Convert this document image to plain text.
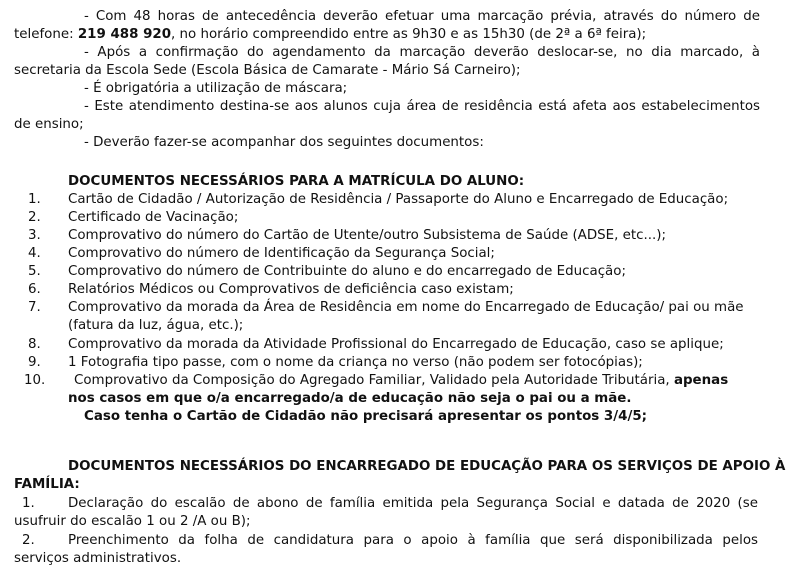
- Com 48 horas de antecedência deverão efetuar uma marcação prévia, através do número de
telefone: 219 488 920, no horário compreendido entre as 9h30 e as 15h30 (de 2ª a 6ª feira);
- Após a confirmação do agendamento da marcação deverão deslocar-se, no dia marcado, à
secretaria da Escola Sede (Escola Básica de Camarate - Mário Sá Carneiro);
- É obrigatória a utilização de máscara;
- Este atendimento destina-se aos alunos cuja área de residência está afeta aos estabelecimentos
de ensino;
- Deverão fazer-se acompanhar dos seguintes documentos:
DOCUMENTOS NECESSÁRIOS PARA A MATRÍCULA DO ALUNO:
1. Cartão de Cidadão / Autorização de Residência / Passaporte do Aluno e Encarregado de Educação;
2. Certificado de Vacinação;
3. Comprovativo do número do Cartão de Utente/outro Subsistema de Saúde (ADSE, etc...);
4. Comprovativo do número de Identificação da Segurança Social;
5. Comprovativo do número de Contribuinte do aluno e do encarregado de Educação;
6. Relatórios Médicos ou Comprovativos de deficiência caso existam;
7. Comprovativo da morada da Área de Residência em nome do Encarregado de Educação/ pai ou mãe
(fatura da luz, água, etc.);
8. Comprovativo da morada da Atividade Profissional do Encarregado de Educação, caso se aplique;
9. 1 Fotografia tipo passe, com o nome da criança no verso (não podem ser fotocópias);
10. Comprovativo da Composição do Agregado Familiar, Validado pela Autoridade Tributária, apenas
nos casos em que o/a encarregado/a de educação não seja o pai ou a mãe.
Caso tenha o Cartão de Cidadão não precisará apresentar os pontos 3/4/5;
DOCUMENTOS NECESSÁRIOS DO ENCARREGADO DE EDUCAÇÃO PARA OS SERVIÇOS DE APOIO À
FAMÍLIA:
1. Declaração do escalão de abono de família emitida pela Segurança Social e datada de 2020 (se
usufruir do escalão 1 ou 2 /A ou B);
2. Preenchimento da folha de candidatura para o apoio à família que será disponibilizada pelos
serviços administrativos.
